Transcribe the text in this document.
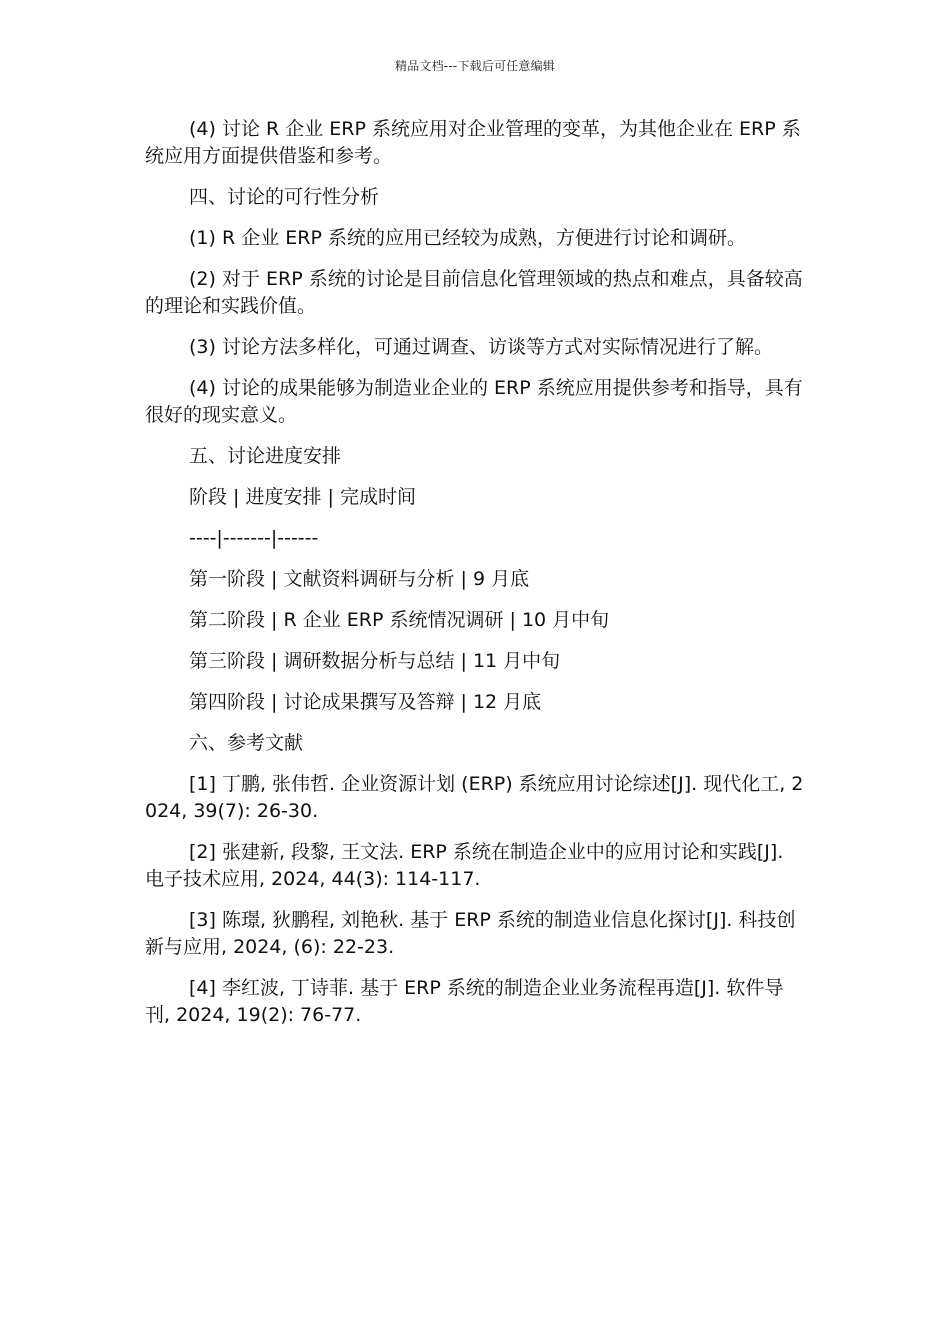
精品文档---下载后可任意编辑

(4) 讨论 R 企业 ERP 系统应用对企业管理的变革，为其他企业在 ERP 系统应用方面提供借鉴和参考。

四、讨论的可行性分析

(1) R 企业 ERP 系统的应用已经较为成熟，方便进行讨论和调研。

(2) 对于 ERP 系统的讨论是目前信息化管理领域的热点和难点，具备较高的理论和实践价值。

(3) 讨论方法多样化，可通过调查、访谈等方式对实际情况进行了解。

(4) 讨论的成果能够为制造业企业的 ERP 系统应用提供参考和指导，具有很好的现实意义。

五、讨论进度安排

阶段 | 进度安排 | 完成时间

----|-------|------

第一阶段 | 文献资料调研与分析 | 9 月底

第二阶段 | R 企业 ERP 系统情况调研 | 10 月中旬

第三阶段 | 调研数据分析与总结 | 11 月中旬

第四阶段 | 讨论成果撰写及答辩 | 12 月底

六、参考文献

[1] 丁鹏, 张伟哲. 企业资源计划 (ERP) 系统应用讨论综述[J]. 现代化工, 2024, 39(7): 26-30.

[2] 张建新, 段黎, 王文法. ERP 系统在制造企业中的应用讨论和实践[J]. 电子技术应用, 2024, 44(3): 114-117.

[3] 陈璟, 狄鹏程, 刘艳秋. 基于 ERP 系统的制造业信息化探讨[J]. 科技创新与应用, 2024, (6): 22-23.

[4] 李红波, 丁诗菲. 基于 ERP 系统的制造企业业务流程再造[J]. 软件导刊, 2024, 19(2): 76-77.
